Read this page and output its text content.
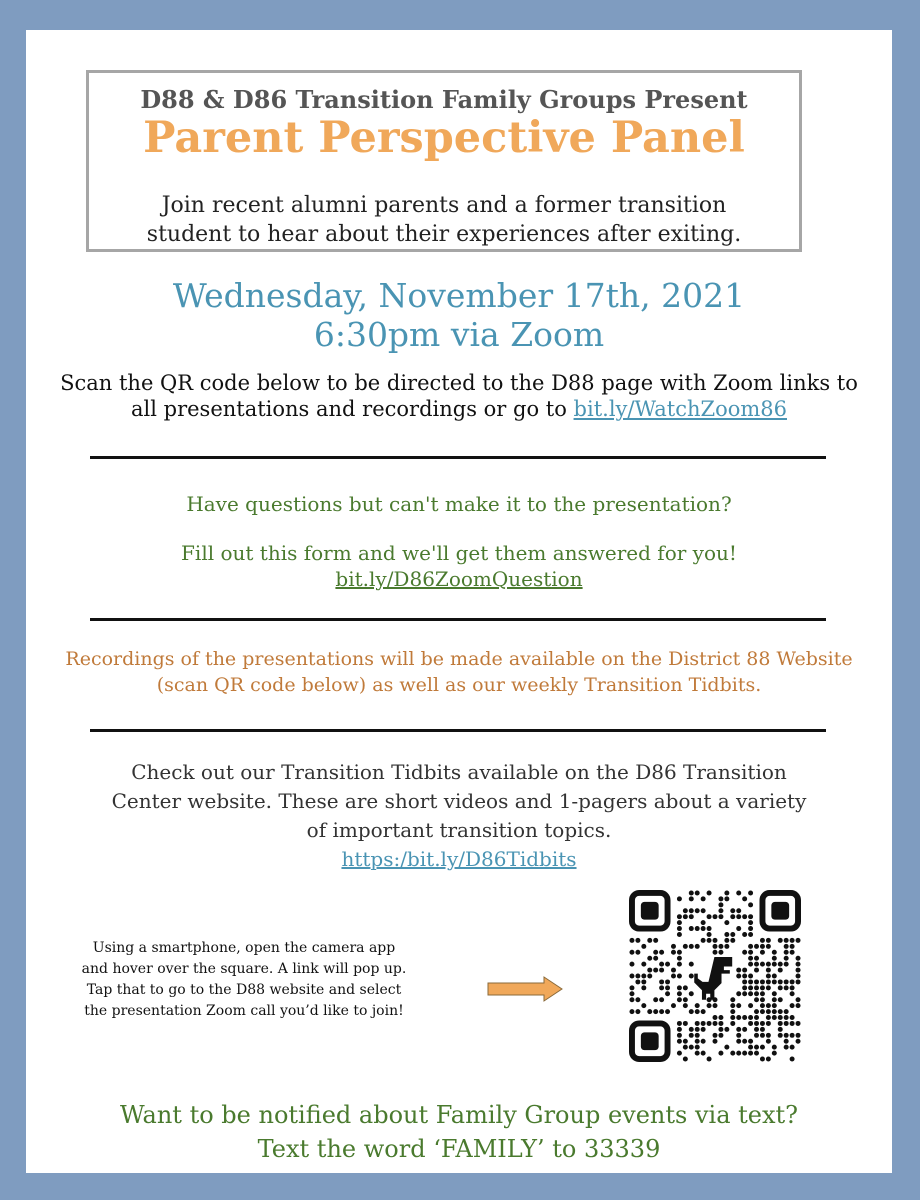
D88 & D86 Transition Family Groups Present
Parent Perspective Panel
Join recent alumni parents and a former transition
student to hear about their experiences after exiting.
Wednesday, November 17th, 2021
6:30pm via Zoom
Scan the QR code below to be directed to the D88 page with Zoom links to
all presentations and recordings or go to bit.ly/WatchZoom86
Have questions but can't make it to the presentation?
Fill out this form and we'll get them answered for you!
bit.ly/D86ZoomQuestion
Recordings of the presentations will be made available on the District 88 Website
(scan QR code below) as well as our weekly Transition Tidbits.
Check out our Transition Tidbits available on the D86 Transition
Center website. These are short videos and 1-pagers about a variety
of important transition topics.
https:/bit.ly/D86Tidbits
Using a smartphone, open the camera app
and hover over the square. A link will pop up.
Tap that to go to the D88 website and select
the presentation Zoom call you’d like to join!
Want to be notified about Family Group events via text?
Text the word ‘FAMILY’ to 33339
